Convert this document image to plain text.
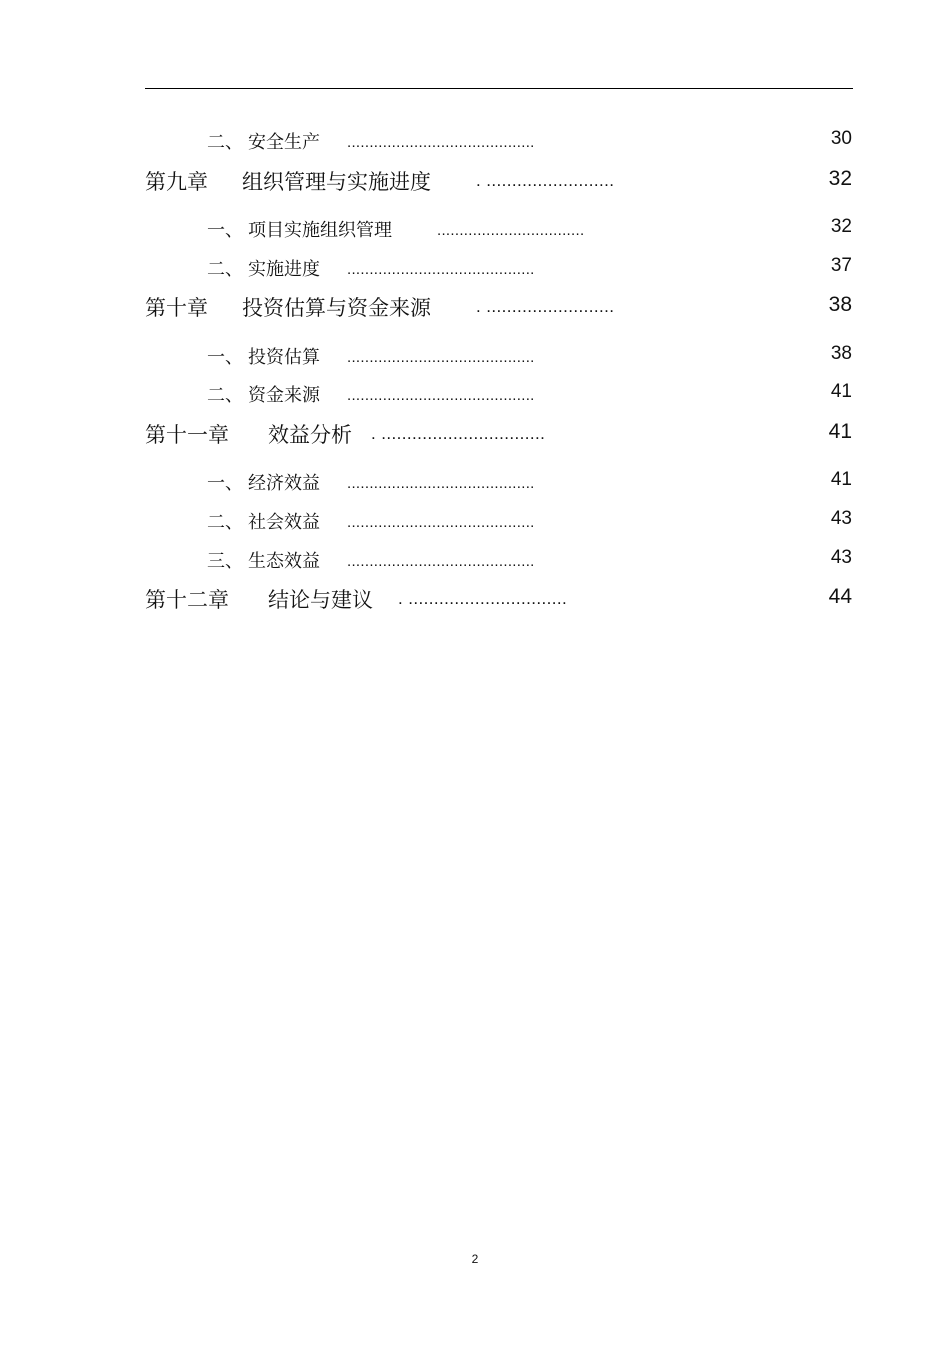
二、 安全生产 ..........................................	30
第九章 组织管理与实施进度	. .........................	32
一、 项目实施组织管理	.................................	32
二、 实施进度 ..........................................	37
第十章 投资估算与资金来源	. .........................	38
一、 投资估算 ..........................................	38
二、 资金来源 ..........................................	41
第十一章 效益分析 . ................................	41
一、 经济效益 ..........................................	41
二、 社会效益 ..........................................	43
三、 生态效益 ..........................................	43
第十二章 结论与建议 . ...............................	44
2
